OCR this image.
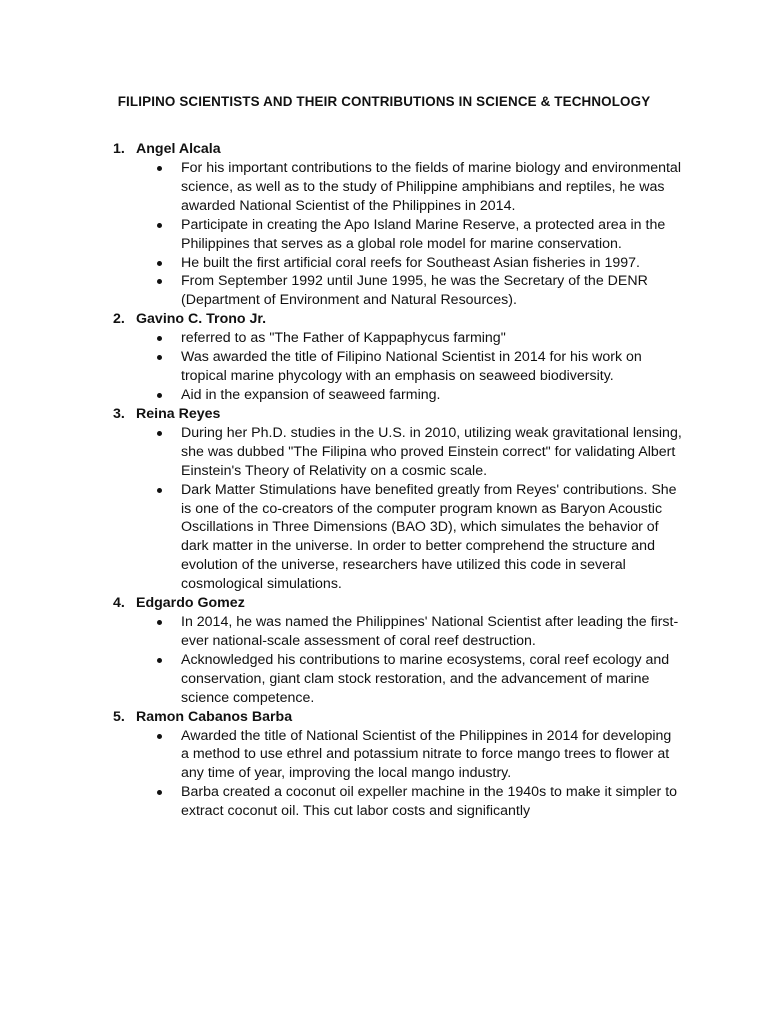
FILIPINO SCIENTISTS AND THEIR CONTRIBUTIONS IN SCIENCE & TECHNOLOGY
1. Angel Alcala
For his important contributions to the fields of marine biology and environmental science, as well as to the study of Philippine amphibians and reptiles, he was awarded National Scientist of the Philippines in 2014.
Participate in creating the Apo Island Marine Reserve, a protected area in the Philippines that serves as a global role model for marine conservation.
He built the first artificial coral reefs for Southeast Asian fisheries in 1997.
From September 1992 until June 1995, he was the Secretary of the DENR (Department of Environment and Natural Resources).
2. Gavino C. Trono Jr.
referred to as "The Father of Kappaphycus farming"
Was awarded the title of Filipino National Scientist in 2014 for his work on tropical marine phycology with an emphasis on seaweed biodiversity.
Aid in the expansion of seaweed farming.
3. Reina Reyes
During her Ph.D. studies in the U.S. in 2010, utilizing weak gravitational lensing, she was dubbed "The Filipina who proved Einstein correct" for validating Albert Einstein's Theory of Relativity on a cosmic scale.
Dark Matter Stimulations have benefited greatly from Reyes' contributions. She is one of the co-creators of the computer program known as Baryon Acoustic Oscillations in Three Dimensions (BAO 3D), which simulates the behavior of dark matter in the universe. In order to better comprehend the structure and evolution of the universe, researchers have utilized this code in several cosmological simulations.
4. Edgardo Gomez
In 2014, he was named the Philippines' National Scientist after leading the first-ever national-scale assessment of coral reef destruction.
Acknowledged his contributions to marine ecosystems, coral reef ecology and conservation, giant clam stock restoration, and the advancement of marine science competence.
5. Ramon Cabanos Barba
Awarded the title of National Scientist of the Philippines in 2014 for developing a method to use ethrel and potassium nitrate to force mango trees to flower at any time of year, improving the local mango industry.
Barba created a coconut oil expeller machine in the 1940s to make it simpler to extract coconut oil. This cut labor costs and significantly
